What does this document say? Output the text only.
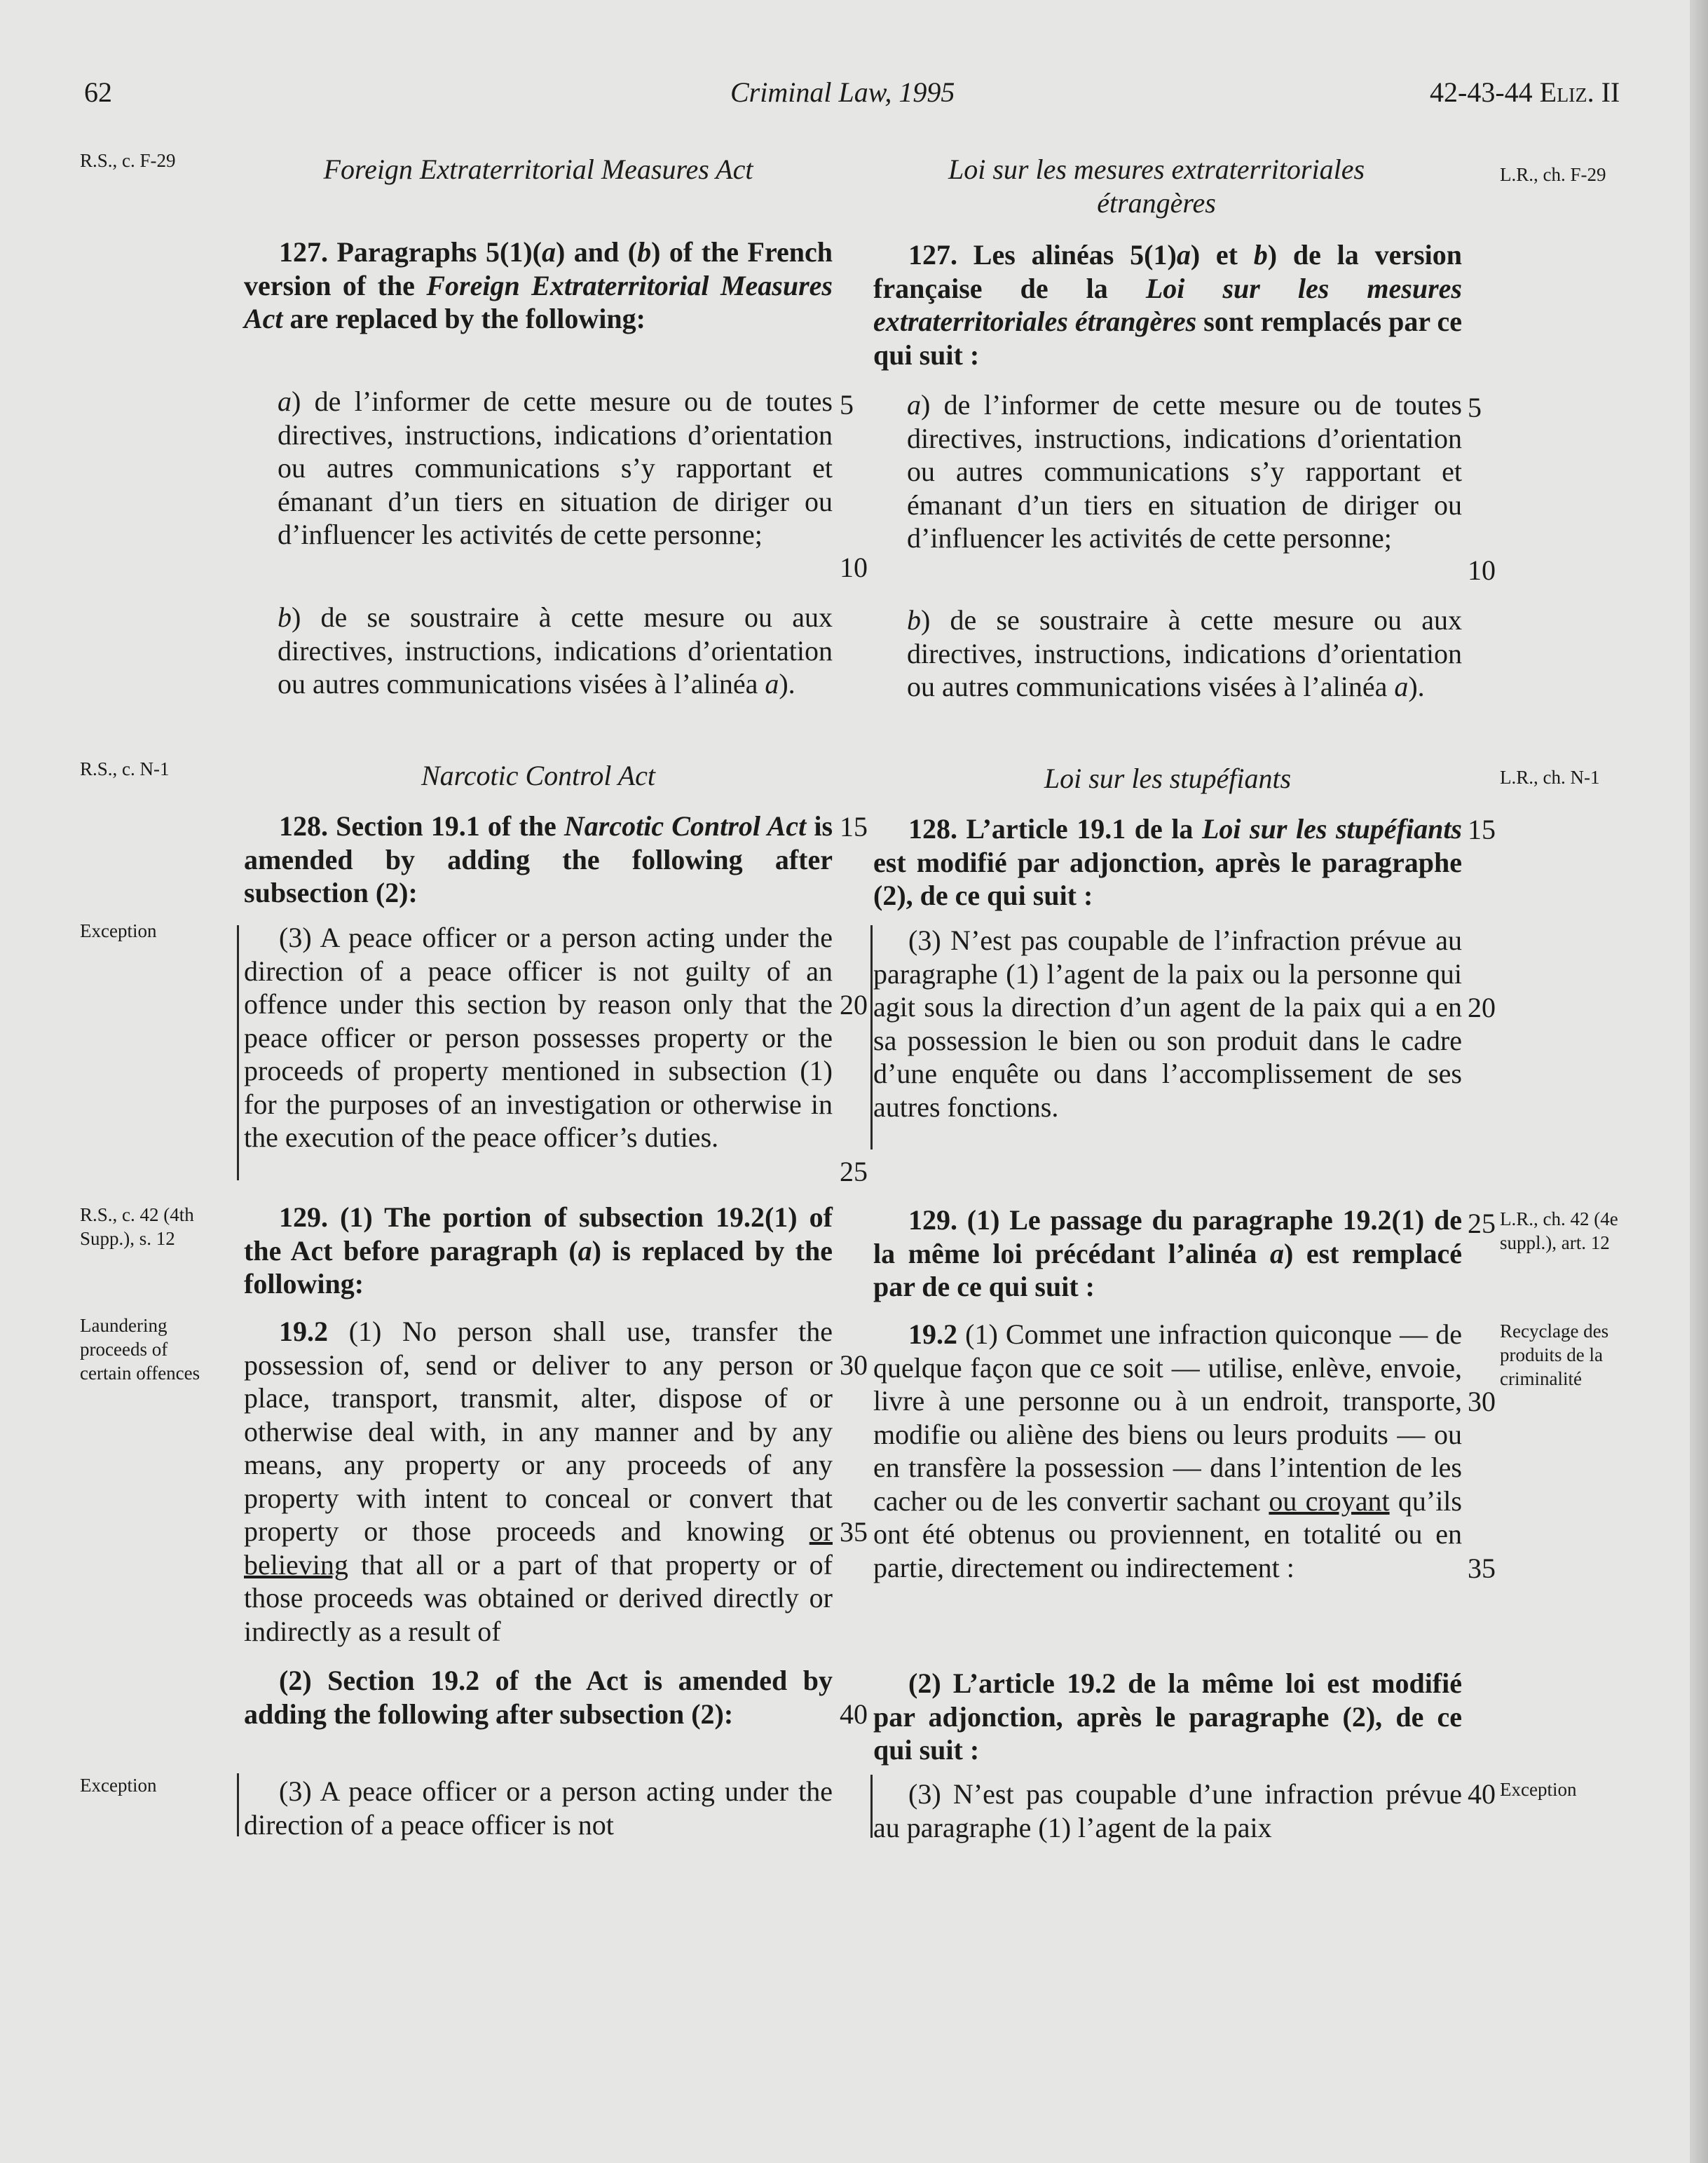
62	Criminal Law, 1995	42-43-44 Eliz. II
R.S., c. F-29
R.S., c. N-1
Exception
R.S., c. 42 (4th Supp.), s. 12
Laundering proceeds of certain offences
Exception
L.R., ch. F-29
L.R., ch. N-1
L.R., ch. 42 (4e suppl.), art. 12
Recyclage des produits de la criminalité
Exception
Foreign Extraterritorial Measures Act

127. Paragraphs 5(1)(a) and (b) of the French version of the Foreign Extraterritorial Measures Act are replaced by the following:

a) de l’informer de cette mesure ou de toutes directives, instructions, indications d’orientation ou autres communications s’y rapportant et émanant d’un tiers en situation de diriger ou d’influencer les activités de cette personne;

b) de se soustraire à cette mesure ou aux directives, instructions, indications d’orientation ou autres communications visées à l’alinéa a).

Narcotic Control Act

128. Section 19.1 of the Narcotic Control Act is amended by adding the following after subsection (2):

(3) A peace officer or a person acting under the direction of a peace officer is not guilty of an offence under this section by reason only that the peace officer or person possesses property or the proceeds of property mentioned in subsection (1) for the purposes of an investigation or otherwise in the execution of the peace officer’s duties.

129. (1) The portion of subsection 19.2(1) of the Act before paragraph (a) is replaced by the following:

19.2 (1) No person shall use, transfer the possession of, send or deliver to any person or place, transport, transmit, alter, dispose of or otherwise deal with, in any manner and by any means, any property or any proceeds of any property with intent to conceal or convert that property or those proceeds and knowing or believing that all or a part of that property or of those proceeds was obtained or derived directly or indirectly as a result of

(2) Section 19.2 of the Act is amended by adding the following after subsection (2):

(3) A peace officer or a person acting under the direction of a peace officer is not

5
10
15
20
25
30
35
40
Loi sur les mesures extraterritoriales étrangères

127. Les alinéas 5(1)a) et b) de la version française de la Loi sur les mesures extraterritoriales étrangères sont remplacés par ce qui suit :

a) de l’informer de cette mesure ou de toutes directives, instructions, indications d’orientation ou autres communications s’y rapportant et émanant d’un tiers en situation de diriger ou d’influencer les activités de cette personne;

b) de se soustraire à cette mesure ou aux directives, instructions, indications d’orientation ou autres communications visées à l’alinéa a).

Loi sur les stupéfiants

128. L’article 19.1 de la Loi sur les stupéfiants est modifié par adjonction, après le paragraphe (2), de ce qui suit :

(3) N’est pas coupable de l’infraction prévue au paragraphe (1) l’agent de la paix ou la personne qui agit sous la direction d’un agent de la paix qui a en sa possession le bien ou son produit dans le cadre d’une enquête ou dans l’accomplissement de ses autres fonctions.

129. (1) Le passage du paragraphe 19.2(1) de la même loi précédant l’alinéa a) est remplacé par de ce qui suit :

19.2 (1) Commet une infraction quiconque — de quelque façon que ce soit — utilise, enlève, envoie, livre à une personne ou à un endroit, transporte, modifie ou aliène des biens ou leurs produits — ou en transfère la possession — dans l’intention de les cacher ou de les convertir sachant ou croyant qu’ils ont été obtenus ou proviennent, en totalité ou en partie, directement ou indirectement :

(2) L’article 19.2 de la même loi est modifié par adjonction, après le paragraphe (2), de ce qui suit :

(3) N’est pas coupable d’une infraction prévue au paragraphe (1) l’agent de la paix

5
10
15
20
25
30
35
40
